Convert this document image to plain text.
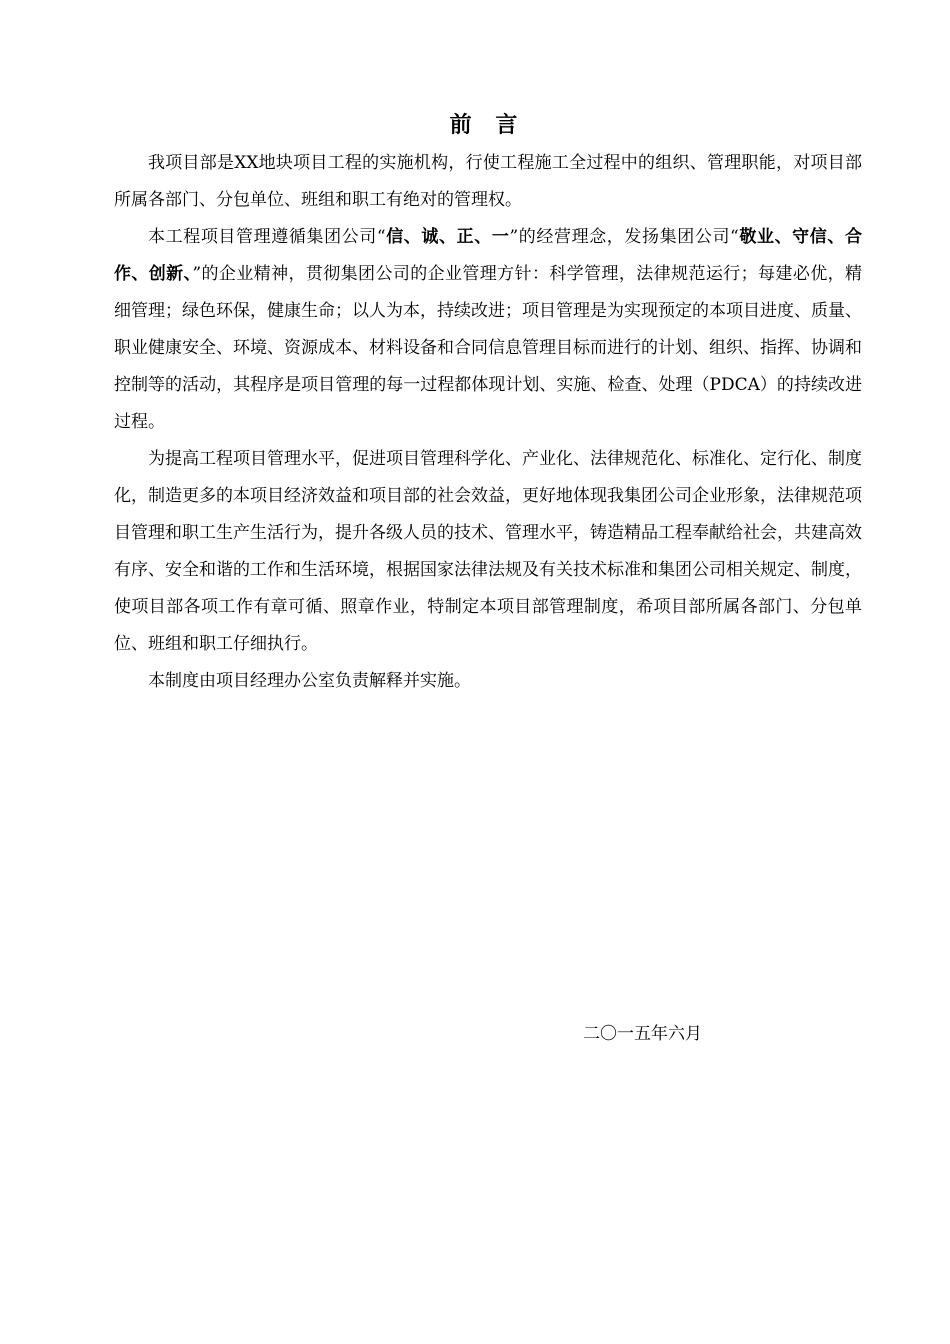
前 言

我项目部是XX地块项目工程的实施机构，行使工程施工全过程中的组织、管理职能，对项目部所属各部门、分包单位、班组和职工有绝对的管理权。

本工程项目管理遵循集团公司“信、诚、正、一”的经营理念，发扬集团公司“敬业、守信、合作、创新、”的企业精神，贯彻集团公司的企业管理方针：科学管理，法律规范运行；每建必优，精细管理；绿色环保，健康生命；以人为本，持续改进；项目管理是为实现预定的本项目进度、质量、职业健康安全、环境、资源成本、材料设备和合同信息管理目标而进行的计划、组织、指挥、协调和控制等的活动，其程序是项目管理的每一过程都体现计划、实施、检查、处理（PDCA）的持续改进过程。

为提高工程项目管理水平，促进项目管理科学化、产业化、法律规范化、标准化、定行化、制度化，制造更多的本项目经济效益和项目部的社会效益，更好地体现我集团公司企业形象，法律规范项目管理和职工生产生活行为，提升各级人员的技术、管理水平，铸造精品工程奉献给社会，共建高效有序、安全和谐的工作和生活环境，根据国家法律法规及有关技术标准和集团公司相关规定、制度，使项目部各项工作有章可循、照章作业，特制定本项目部管理制度，希项目部所属各部门、分包单位、班组和职工仔细执行。

本制度由项目经理办公室负责解释并实施。

二〇一五年六月
